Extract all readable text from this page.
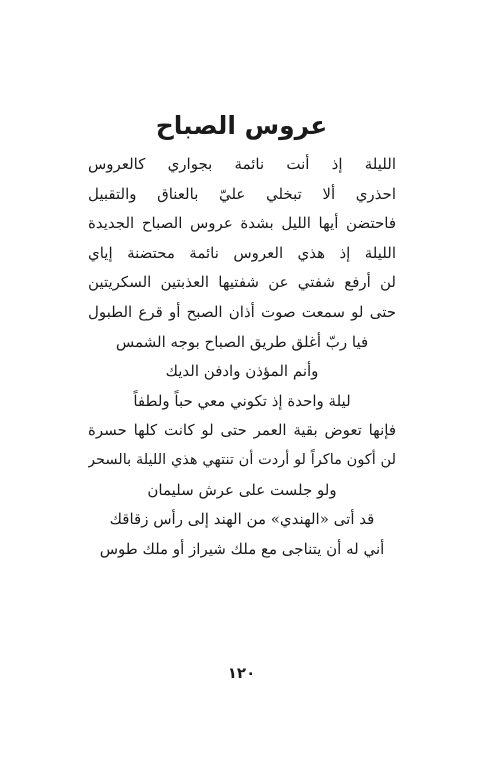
عروس الصباح
الليلة إذ أنت نائمة بجواري كالعروس
احذري ألا تبخلي عليّ بالعناق والتقبيل
فاحتضن أيها الليل بشدة عروس الصباح الجديدة
الليلة إذ هذي العروس نائمة محتضنة إياي
لن أرفع شفتي عن شفتيها العذبتين السكريتين
حتى لو سمعت صوت أذان الصبح أو قرع الطبول
فيا ربّ أغلق طريق الصباح بوجه الشمس
وأنم المؤذن وادفن الديك
ليلة واحدة إذ تكوني معي حباً ولطفاً
فإنها تعوض بقية العمر حتى لو كانت كلها حسرة
لن أكون ماكراً لو أردت أن تنتهي هذي الليلة بالسحر
ولو جلست على عرش سليمان
قد أتى «الهندي» من الهند إلى رأس زقاقك
أني له أن يتناجى مع ملك شيراز أو ملك طوس
١٢٠
